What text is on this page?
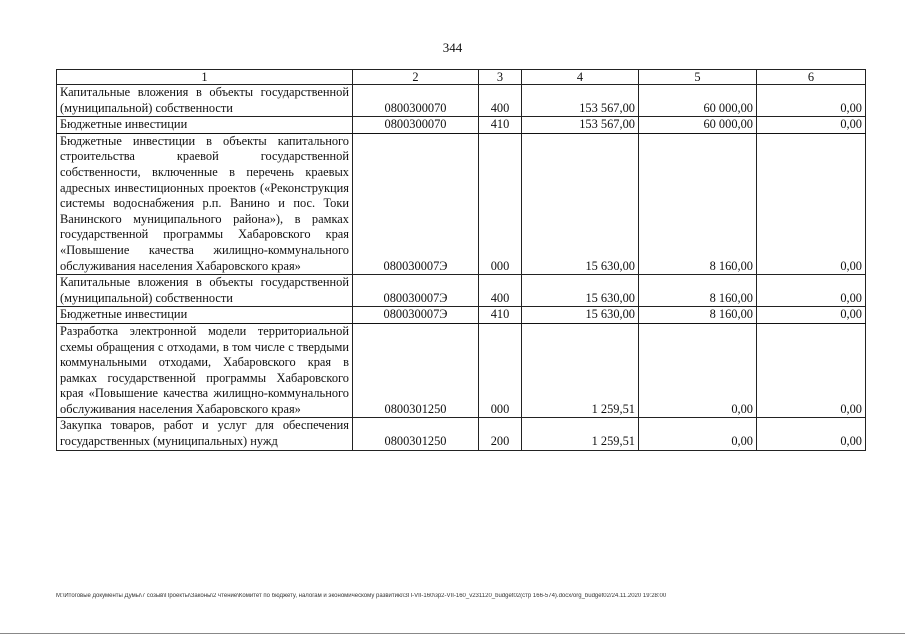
344
1	2	3	4	5	6
Капитальные вложения в объекты государственной (муниципальной) собственности	0800300070	400	153 567,00	60 000,00	0,00
Бюджетные инвестиции	0800300070	410	153 567,00	60 000,00	0,00
Бюджетные инвестиции в объекты капитального строительства краевой государственной собственности, включенные в перечень краевых адресных инвестиционных проектов («Реконструкция системы водоснабжения р.п. Ванино и пос. Токи Ванинского муниципального района»), в рамках государственной программы Хабаровского края «Повышение качества жилищно-коммунального обслуживания населения Хабаровского края»	080030007Э	000	15 630,00	8 160,00	0,00
Капитальные вложения в объекты государственной (муниципальной) собственности	080030007Э	400	15 630,00	8 160,00	0,00
Бюджетные инвестиции	080030007Э	410	15 630,00	8 160,00	0,00
Разработка электронной модели территориальной схемы обращения с отходами, в том числе с твердыми коммунальными отходами, Хабаровского края в рамках государственной программы Хабаровского края «Повышение качества жилищно-коммунального обслуживания населения Хабаровского края»	0800301250	000	1 259,51	0,00	0,00
Закупка товаров, работ и услуг для обеспечения государственных (муниципальных) нужд	0800301250	200	1 259,51	0,00	0,00
M:\Итоговые документы Думы\7 созыв\Проекты\Законы\2 чтение\Комитет по бюджету, налогам и экономическому развитию\ЗП-VII-160\зр2-VII-160_v231120_budget02(стр 166-574).docx/org_budget02/24.11.2020 19:28:00
